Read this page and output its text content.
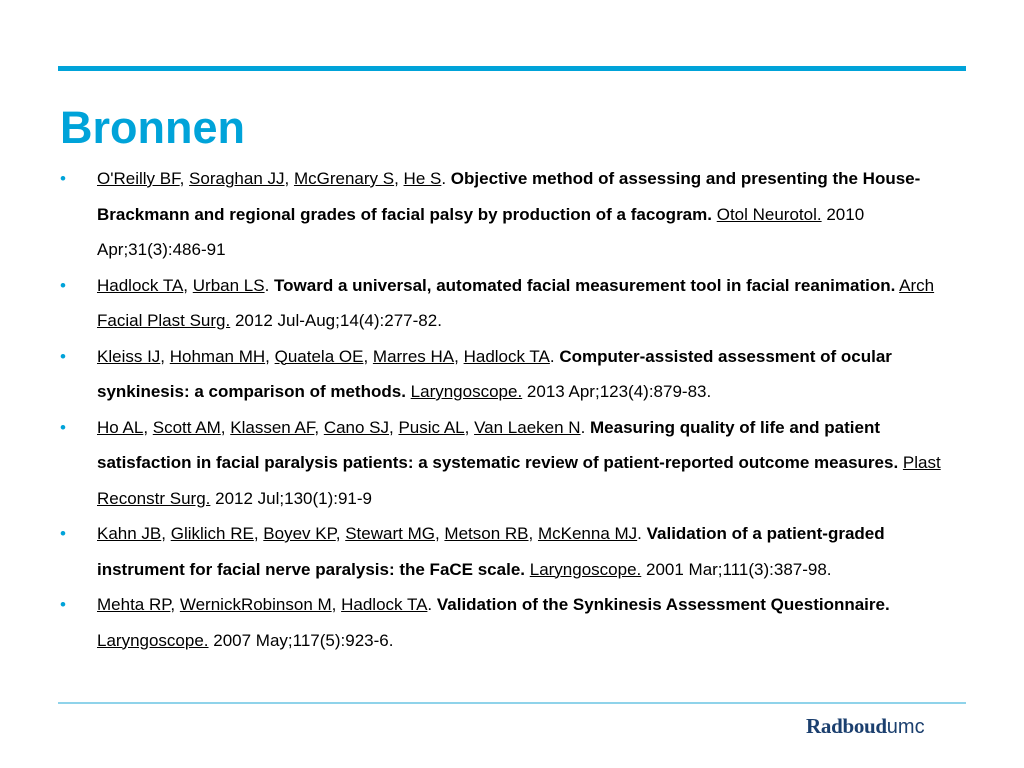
Bronnen
• O'Reilly BF, Soraghan JJ, McGrenary S, He S. Objective method of assessing and presenting the House-Brackmann and regional grades of facial palsy by production of a facogram. Otol Neurotol. 2010 Apr;31(3):486-91
• Hadlock TA, Urban LS. Toward a universal, automated facial measurement tool in facial reanimation. Arch Facial Plast Surg. 2012 Jul-Aug;14(4):277-82.
• Kleiss IJ, Hohman MH, Quatela OE, Marres HA, Hadlock TA. Computer-assisted assessment of ocular synkinesis: a comparison of methods. Laryngoscope. 2013 Apr;123(4):879-83.
• Ho AL, Scott AM, Klassen AF, Cano SJ, Pusic AL, Van Laeken N. Measuring quality of life and patient satisfaction in facial paralysis patients: a systematic review of patient-reported outcome measures. Plast Reconstr Surg. 2012 Jul;130(1):91-9
• Kahn JB, Gliklich RE, Boyev KP, Stewart MG, Metson RB, McKenna MJ. Validation of a patient-graded instrument for facial nerve paralysis: the FaCE scale. Laryngoscope. 2001 Mar;111(3):387-98.
• Mehta RP, WernickRobinson M, Hadlock TA. Validation of the Synkinesis Assessment Questionnaire. Laryngoscope. 2007 May;117(5):923-6.
Radboudumc
